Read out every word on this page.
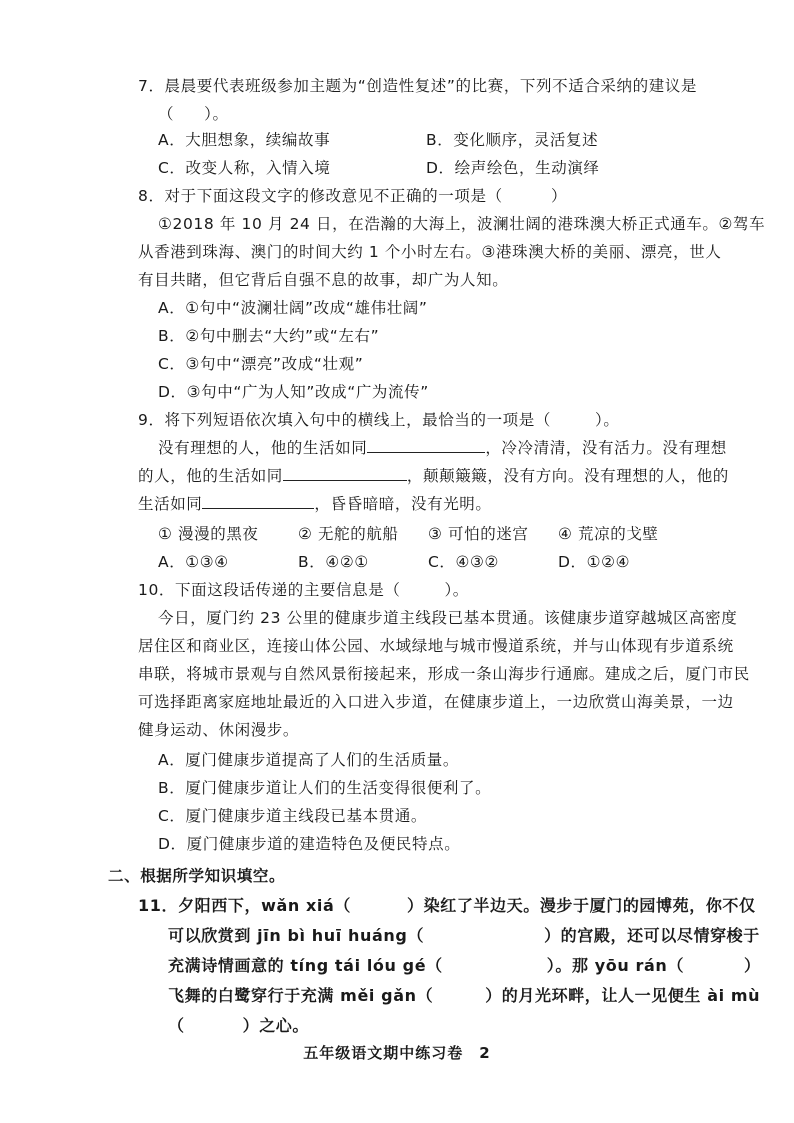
7．晨晨要代表班级参加主题为“创造性复述”的比赛，下列不适合采纳的建议是
（ ）。
A．大胆想象，续编故事	B．变化顺序，灵活复述
C．改变人称，入情入境	D．绘声绘色，生动演绎
8．对于下面这段文字的修改意见不正确的一项是（　　　）
①2018 年 10 月 24 日，在浩瀚的大海上，波澜壮阔的港珠澳大桥正式通车。②驾车
从香港到珠海、澳门的时间大约 1 个小时左右。③港珠澳大桥的美丽、漂亮，世人
有目共睹，但它背后自强不息的故事，却广为人知。
A．①句中“波澜壮阔”改成“雄伟壮阔”
B．②句中删去“大约”或“左右”
C．③句中“漂亮”改成“壮观”
D．③句中“广为人知”改成“广为流传”
9．将下列短语依次填入句中的横线上，最恰当的一项是（	）。
没有理想的人，他的生活如同	，冷冷清清，没有活力。没有理想
的人，他的生活如同	，颠颠簸簸，没有方向。没有理想的人，他的
生活如同	，昏昏暗暗，没有光明。
① 漫漫的黑夜	② 无舵的航船 ③ 可怕的迷宫 ④ 荒凉的戈壁
A．①③④	B．④②①	C．④③②	D．①②④
10．下面这段话传递的主要信息是（	）。
今日，厦门约 23 公里的健康步道主线段已基本贯通。该健康步道穿越城区高密度
居住区和商业区，连接山体公园、水域绿地与城市慢道系统，并与山体现有步道系统
串联，将城市景观与自然风景衔接起来，形成一条山海步行通廊。建成之后，厦门市民
可选择距离家庭地址最近的入口进入步道，在健康步道上，一边欣赏山海美景，一边
健身运动、休闲漫步。
A．厦门健康步道提高了人们的生活质量。
B．厦门健康步道让人们的生活变得很便利了。
C．厦门健康步道主线段已基本贯通。
D．厦门健康步道的建造特色及便民特点。
二、根据所学知识填空。
11．夕阳西下，wǎn xiá（	）染红了半边天。漫步于厦门的园博苑，你不仅
可以欣赏到 jīn bì huī huáng（	）的宫殿，还可以尽情穿梭于
充满诗情画意的 tíng tái lóu gé（	）。那 yōu rán（	）
飞舞的白鹭穿行于充满 měi gǎn（	）的月光环畔，让人一见便生 ài mù
（	）之心。
五年级语文期中练习卷　2
